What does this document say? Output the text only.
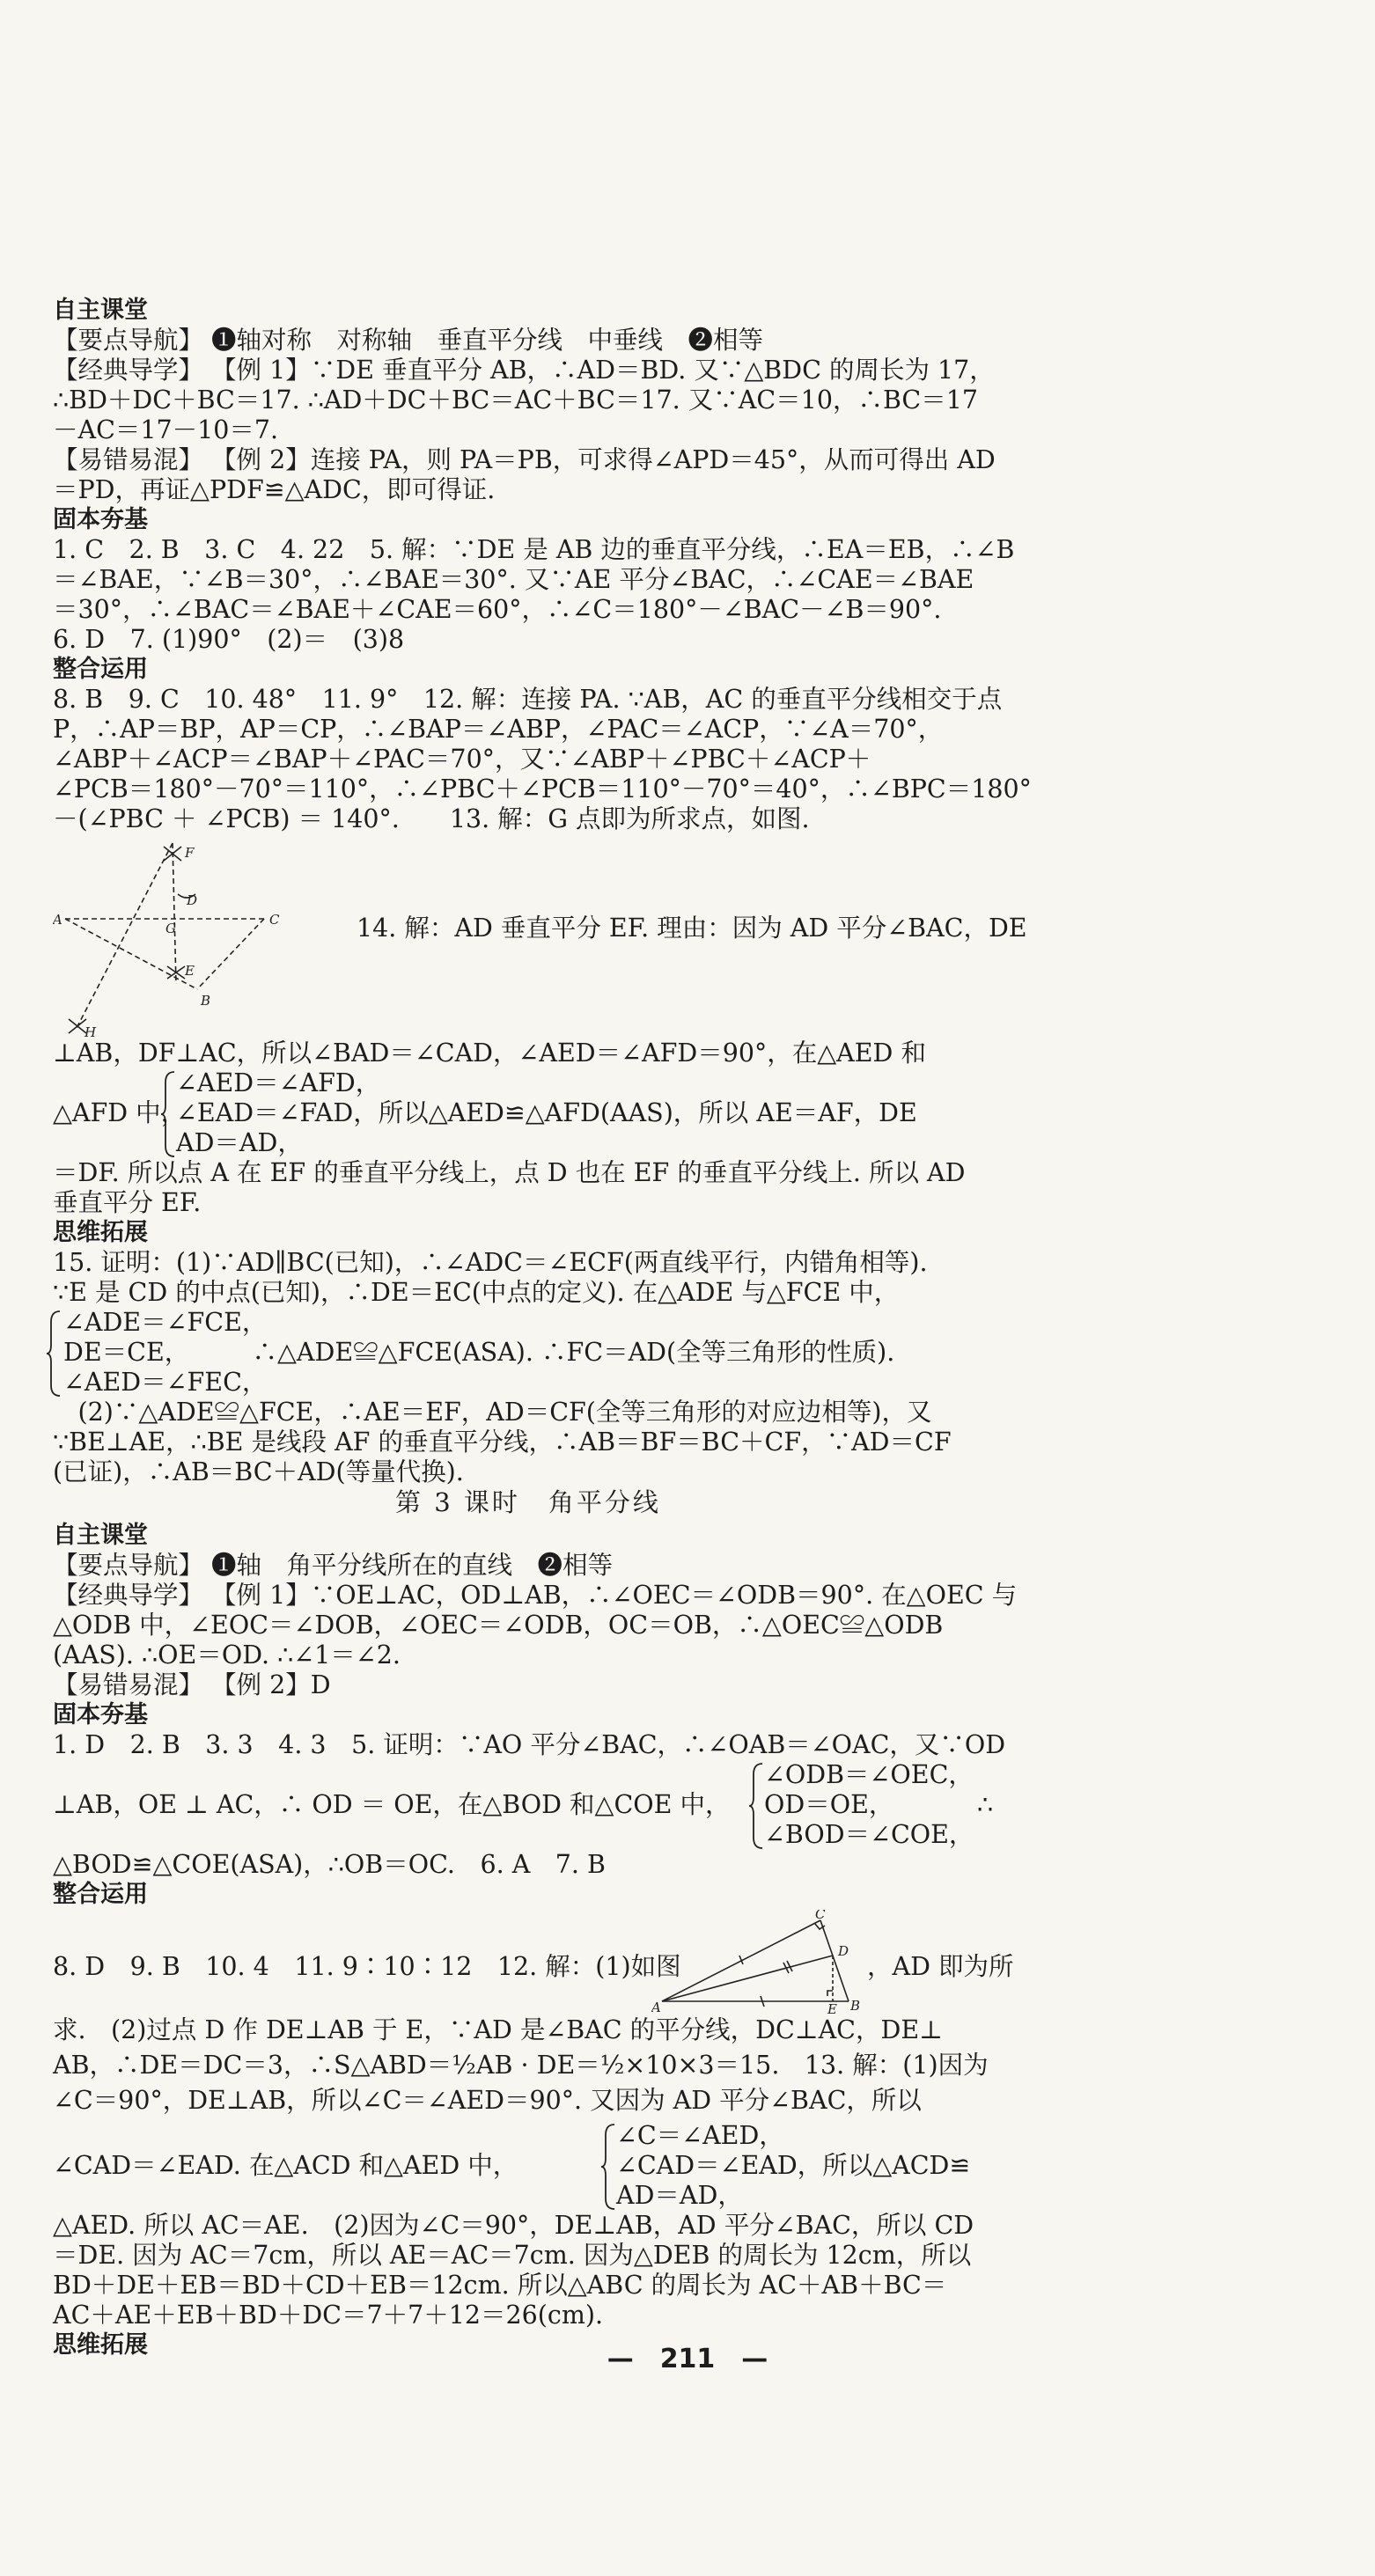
自主课堂
【要点导航】 ❶轴对称　对称轴　垂直平分线　中垂线　❷相等
【经典导学】 【例 1】∵DE 垂直平分 AB，∴AD＝BD. 又∵△BDC 的周长为 17，
∴BD＋DC＋BC＝17. ∴AD＋DC＋BC＝AC＋BC＝17. 又∵AC＝10，∴BC＝17
－AC＝17－10＝7.
【易错易混】 【例 2】连接 PA，则 PA＝PB，可求得∠APD＝45°，从而可得出 AD
＝PD，再证△PDF≌△ADC，即可得证.
固本夯基
1. C　2. B　3. C　4. 22　5. 解：∵DE 是 AB 边的垂直平分线，∴EA＝EB，∴∠B
＝∠BAE，∵∠B＝30°，∴∠BAE＝30°. 又∵AE 平分∠BAC，∴∠CAE＝∠BAE
＝30°，∴∠BAC＝∠BAE＋∠CAE＝60°，∴∠C＝180°－∠BAC－∠B＝90°.
6. D　7. (1)90°　(2)＝　(3)8
整合运用
8. B　9. C　10. 48°　11. 9°　12. 解：连接 PA. ∵AB，AC 的垂直平分线相交于点
P，∴AP＝BP，AP＝CP，∴∠BAP＝∠ABP，∠PAC＝∠ACP，∵∠A＝70°，
∠ABP＋∠ACP＝∠BAP＋∠PAC＝70°，又∵∠ABP＋∠PBC＋∠ACP＋
∠PCB＝180°－70°＝110°，∴∠PBC＋∠PCB＝110°－70°＝40°，∴∠BPC＝180°
－(∠PBC ＋ ∠PCB) ＝ 140°.　　13. 解：G 点即为所求点，如图.
A	C
D
G
E
B
F
H
14. 解：AD 垂直平分 EF. 理由：因为 AD 平分∠BAC，DE
⊥AB，DF⊥AC，所以∠BAD＝∠CAD，∠AED＝∠AFD＝90°，在△AED 和
△AFD 中，
∠AED＝∠AFD，
∠EAD＝∠FAD，所以△AED≌△AFD(AAS)，所以 AE＝AF，DE
AD＝AD，
＝DF. 所以点 A 在 EF 的垂直平分线上，点 D 也在 EF 的垂直平分线上. 所以 AD
垂直平分 EF.
思维拓展
15. 证明：(1)∵AD∥BC(已知)，∴∠ADC＝∠ECF(两直线平行，内错角相等).
∵E 是 CD 的中点(已知)，∴DE＝EC(中点的定义). 在△ADE 与△FCE 中，
∠ADE＝∠FCE，
DE＝CE，　　　∴△ADE≌△FCE(ASA). ∴FC＝AD(全等三角形的性质).
∠AED＝∠FEC，
　(2)∵△ADE≌△FCE，∴AE＝EF，AD＝CF(全等三角形的对应边相等)，又
∵BE⊥AE，∴BE 是线段 AF 的垂直平分线，∴AB＝BF＝BC＋CF，∵AD＝CF
(已证)，∴AB＝BC＋AD(等量代换).
第 3 课时　角平分线
自主课堂
【要点导航】 ❶轴　角平分线所在的直线　❷相等
【经典导学】 【例 1】∵OE⊥AC，OD⊥AB，∴∠OEC＝∠ODB＝90°. 在△OEC 与
△ODB 中，∠EOC＝∠DOB，∠OEC＝∠ODB，OC＝OB，∴△OEC≌△ODB
(AAS). ∴OE＝OD. ∴∠1＝∠2.
【易错易混】 【例 2】D
固本夯基
1. D　2. B　3. 3　4. 3　5. 证明：∵AO 平分∠BAC，∴∠OAB＝∠OAC，又∵OD
⊥AB，OE ⊥ AC，∴ OD ＝ OE，在△BOD 和△COE 中，
∠ODB＝∠OEC，
OD＝OE，
∠BOD＝∠COE，
∴
△BOD≌△COE(ASA)，∴OB＝OC.　6. A　7. B
整合运用
8. D　9. B　10. 4　11. 9∶10∶12　12. 解：(1)如图
C
D
A	E B
，AD 即为所
求.　(2)过点 D 作 DE⊥AB 于 E，∵AD 是∠BAC 的平分线，DC⊥AC，DE⊥
AB，∴DE＝DC＝3，∴S△ABD＝½AB · DE＝½×10×3＝15.　13. 解：(1)因为
∠C＝90°，DE⊥AB，所以∠C＝∠AED＝90°. 又因为 AD 平分∠BAC，所以
∠CAD＝∠EAD. 在△ACD 和△AED 中，
∠C＝∠AED，
∠CAD＝∠EAD，所以△ACD≌
AD＝AD，
△AED. 所以 AC＝AE.　(2)因为∠C＝90°，DE⊥AB，AD 平分∠BAC，所以 CD
＝DE. 因为 AC＝7cm，所以 AE＝AC＝7cm. 因为△DEB 的周长为 12cm，所以
BD＋DE＋EB＝BD＋CD＋EB＝12cm. 所以△ABC 的周长为 AC＋AB＋BC＝
AC＋AE＋EB＋BD＋DC＝7＋7＋12＝26(cm).
思维拓展	—　211　—
